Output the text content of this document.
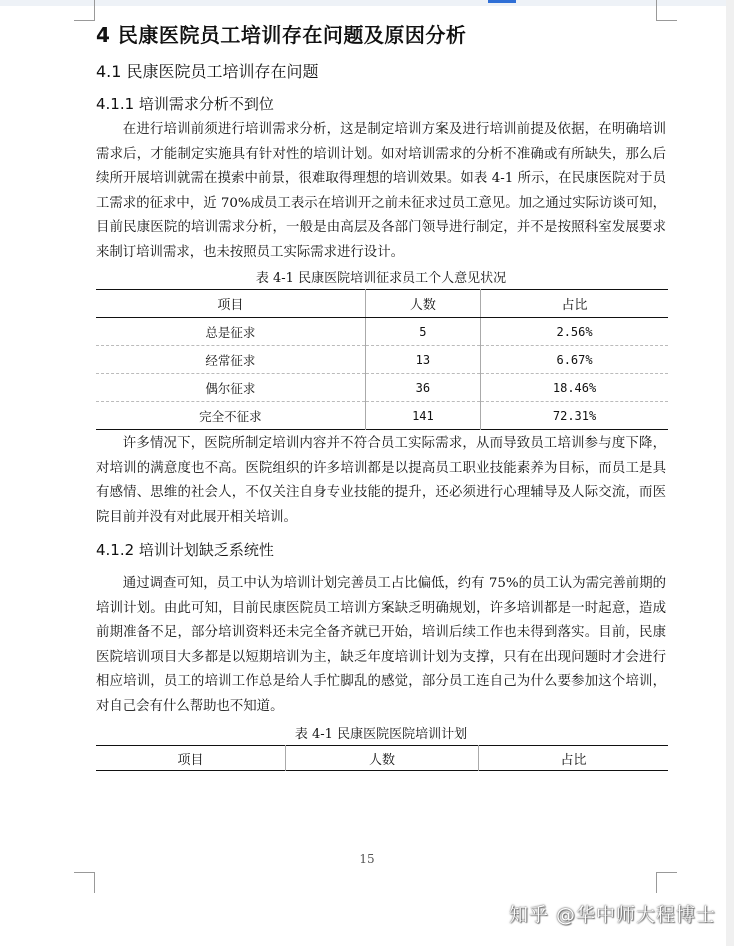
4 民康医院员工培训存在问题及原因分析
4.1 民康医院员工培训存在问题
4.1.1 培训需求分析不到位

在进行培训前须进行培训需求分析，这是制定培训方案及进行培训前提及依据，在明确培训需求后，才能制定实施具有针对性的培训计划。如对培训需求的分析不准确或有所缺失，那么后续所开展培训就需在摸索中前景，很难取得理想的培训效果。如表 4-1 所示，在民康医院对于员工需求的征求中，近 70%成员工表示在培训开之前未征求过员工意见。加之通过实际访谈可知，目前民康医院的培训需求分析，一般是由高层及各部门领导进行制定，并不是按照科室发展要求来制订培训需求，也未按照员工实际需求进行设计。

表 4-1 民康医院培训征求员工个人意见状况
项目	人数	占比
总是征求	5	2.56%
经常征求	13	6.67%
偶尔征求	36	18.46%
完全不征求	141	72.31%

许多情况下，医院所制定培训内容并不符合员工实际需求，从而导致员工培训参与度下降，对培训的满意度也不高。医院组织的许多培训都是以提高员工职业技能素养为目标，而员工是具有感情、思维的社会人，不仅关注自身专业技能的提升，还必须进行心理辅导及人际交流，而医院目前并没有对此展开相关培训。

4.1.2 培训计划缺乏系统性

通过调查可知，员工中认为培训计划完善员工占比偏低，约有 75%的员工认为需完善前期的培训计划。由此可知，目前民康医院员工培训方案缺乏明确规划，许多培训都是一时起意，造成前期准备不足，部分培训资料还未完全备齐就已开始，培训后续工作也未得到落实。目前，民康医院培训项目大多都是以短期培训为主，缺乏年度培训计划为支撑，只有在出现问题时才会进行相应培训，员工的培训工作总是给人手忙脚乱的感觉，部分员工连自己为什么要参加这个培训，对自己会有什么帮助也不知道。

表 4-1 民康医院医院培训计划
项目	人数	占比
15
知乎 @华中师大程博士
